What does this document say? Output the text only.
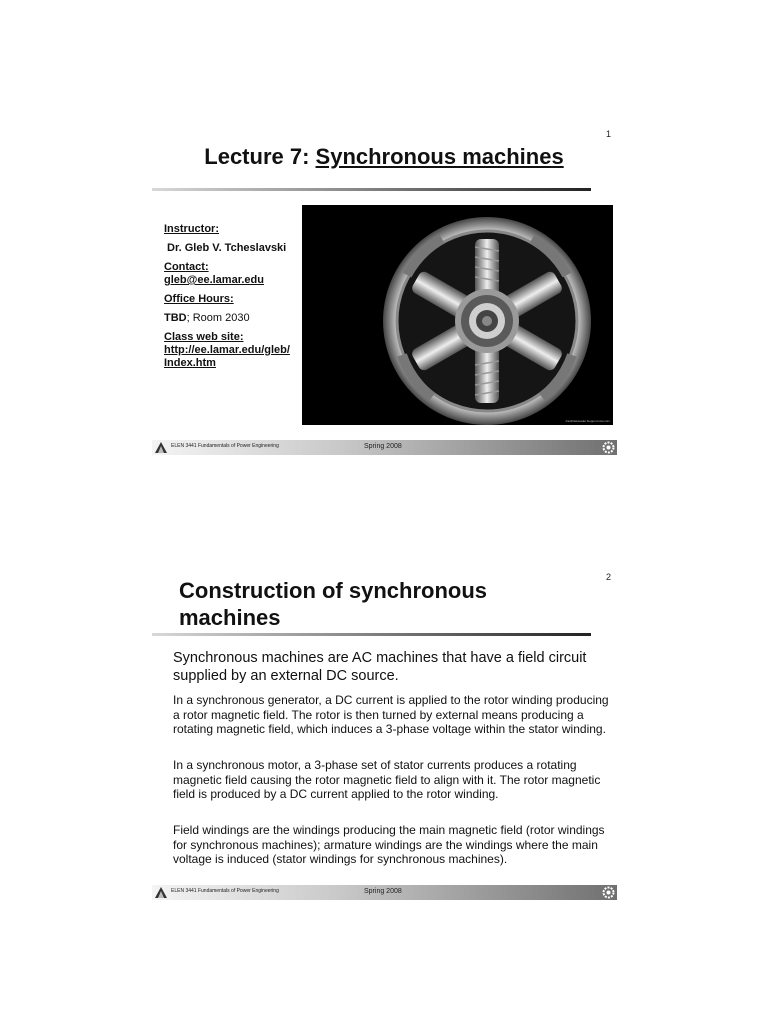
1
Lecture 7: Synchronous machines
Instructor:
Dr. Gleb V. Tcheslavski
Contact:
gleb@ee.lamar.edu
Office Hours:
TBD; Room 2030
Class web site:
http://ee.lamar.edu/gleb/
Index.htm
FastFileHeader.fsupport.ntet.com
ELEN 3441 Fundamentals of Power Engineering	Spring 2008
2
Construction of synchronous
machines
Synchronous machines are AC machines that have a field circuit supplied by an external DC source.
In a synchronous generator, a DC current is applied to the rotor winding producing a rotor magnetic field. The rotor is then turned by external means producing a rotating magnetic field, which induces a 3-phase voltage within the stator winding.
In a synchronous motor, a 3-phase set of stator currents produces a rotating magnetic field causing the rotor magnetic field to align with it. The rotor magnetic field is produced by a DC current applied to the rotor winding.
Field windings are the windings producing the main magnetic field (rotor windings for synchronous machines); armature windings are the windings where the main voltage is induced (stator windings for synchronous machines).
ELEN 3441 Fundamentals of Power Engineering	Spring 2008
